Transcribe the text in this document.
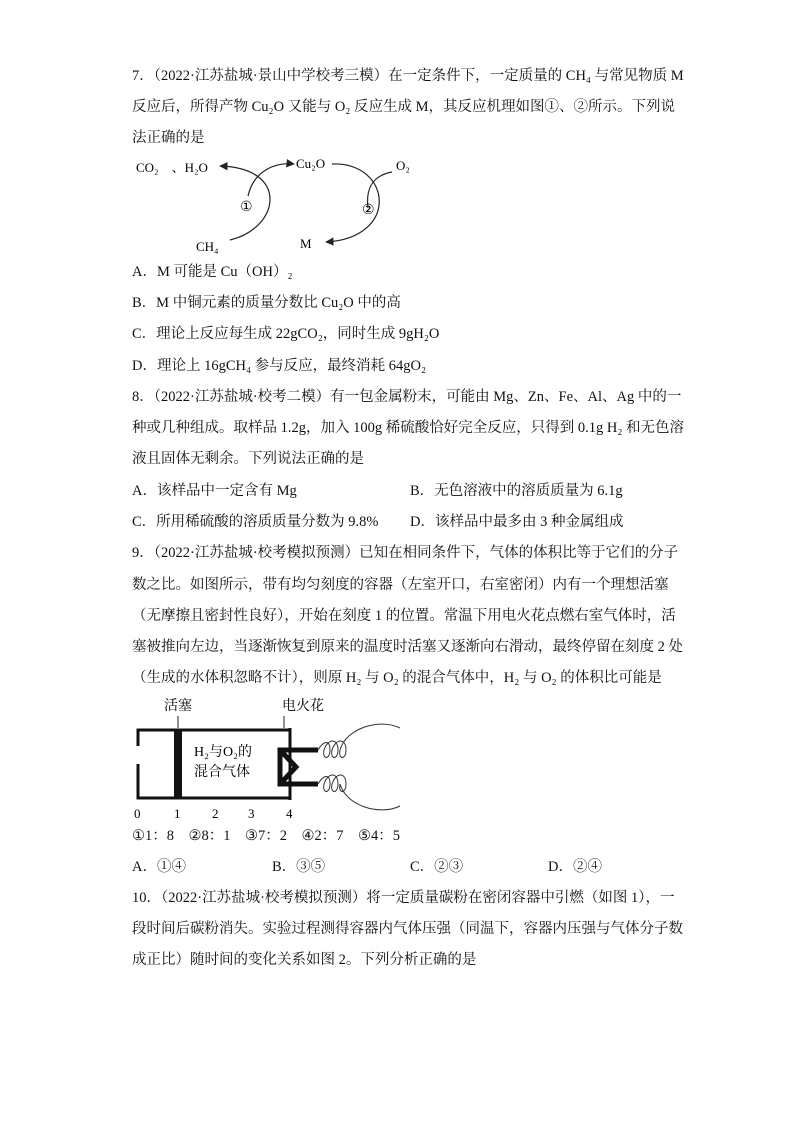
7．（2022·江苏盐城·景山中学校考三模）在一定条件下，一定质量的 CH₄ 与常见物质 M
反应后，所得产物 Cu₂O 又能与 O₂ 反应生成 M，其反应机理如图①、②所示。下列说
法正确的是
CO₂　、H₂O	Cu₂O	O₂
CH₄	M
①	②
A．M 可能是 Cu（OH）₂
B．M 中铜元素的质量分数比 Cu₂O 中的高
C．理论上反应每生成 22gCO₂，同时生成 9gH₂O
D．理论上 16gCH₄ 参与反应，最终消耗 64gO₂
8．（2022·江苏盐城·校考二模）有一包金属粉末，可能由 Mg、Zn、Fe、Al、Ag 中的一
种或几种组成。取样品 1.2g，加入 100g 稀硫酸恰好完全反应，只得到 0.1g H₂ 和无色溶
液且固体无剩余。下列说法正确的是
A．该样品中一定含有 Mg	B．无色溶液中的溶质质量为 6.1g
C．所用稀硫酸的溶质质量分数为 9.8% D．该样品中最多由 3 种金属组成
9．（2022·江苏盐城·校考模拟预测）已知在相同条件下，气体的体积比等于它们的分子
数之比。如图所示，带有均匀刻度的容器（左室开口，右室密闭）内有一个理想活塞
（无摩擦且密封性良好），开始在刻度 1 的位置。常温下用电火花点燃右室气体时，活
塞被推向左边，当逐渐恢复到原来的温度时活塞又逐渐向右滑动，最终停留在刻度 2 处
（生成的水体积忽略不计），则原 H₂ 与 O₂ 的混合气体中，H₂ 与 O₂ 的体积比可能是
活塞	电火花
H₂与O₂的
混合气体
0	1 2 3 4
①1：8　②8：1　③7：2　④2：7　⑤4：5
A．①④	B．③⑤	C．②③	D．②④
10．（2022·江苏盐城·校考模拟预测）将一定质量碳粉在密闭容器中引燃（如图 1），一
段时间后碳粉消失。实验过程测得容器内气体压强（同温下，容器内压强与气体分子数
成正比）随时间的变化关系如图 2。下列分析正确的是
